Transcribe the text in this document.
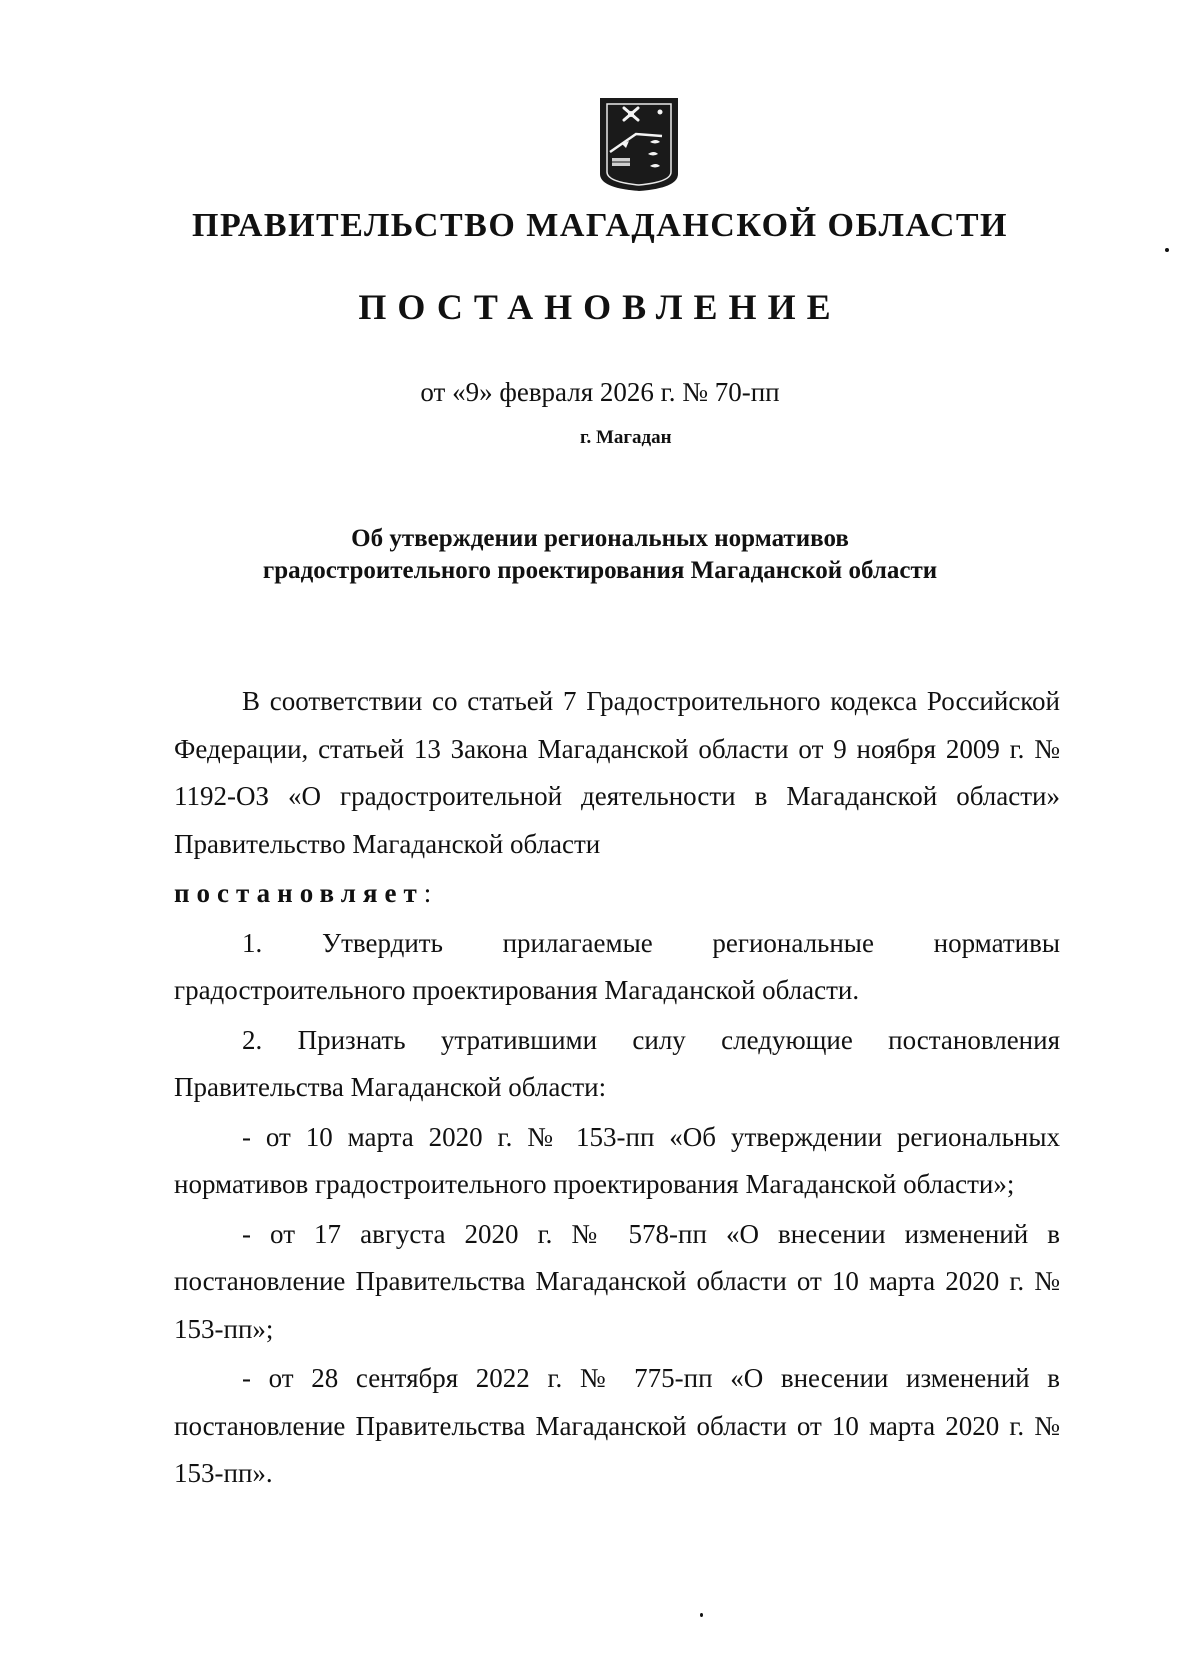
ПРАВИТЕЛЬСТВО МАГАДАНСКОЙ ОБЛАСТИ
ПОСТАНОВЛЕНИЕ
от «9» февраля 2026 г. № 70-пп
г. Магадан
Об утверждении региональных нормативов
градостроительного проектирования Магаданской области

В соответствии со статьей 7 Градостроительного кодекса Российской Федерации, статьей 13 Закона Магаданской области от 9 ноября 2009 г. № 1192-ОЗ «О градостроительной деятельности в Магаданской области» Правительство Магаданской области

постановляет:

1. Утвердить прилагаемые региональные нормативы градостроительного проектирования Магаданской области.

2. Признать утратившими силу следующие постановления Правительства Магаданской области:

- от 10 марта 2020 г. № 153-пп «Об утверждении региональных нормативов градостроительного проектирования Магаданской области»;

- от 17 августа 2020 г. № 578-пп «О внесении изменений в постановление Правительства Магаданской области от 10 марта 2020 г. № 153-пп»;

- от 28 сентября 2022 г. № 775-пп «О внесении изменений в постановление Правительства Магаданской области от 10 марта 2020 г. № 153-пп».
